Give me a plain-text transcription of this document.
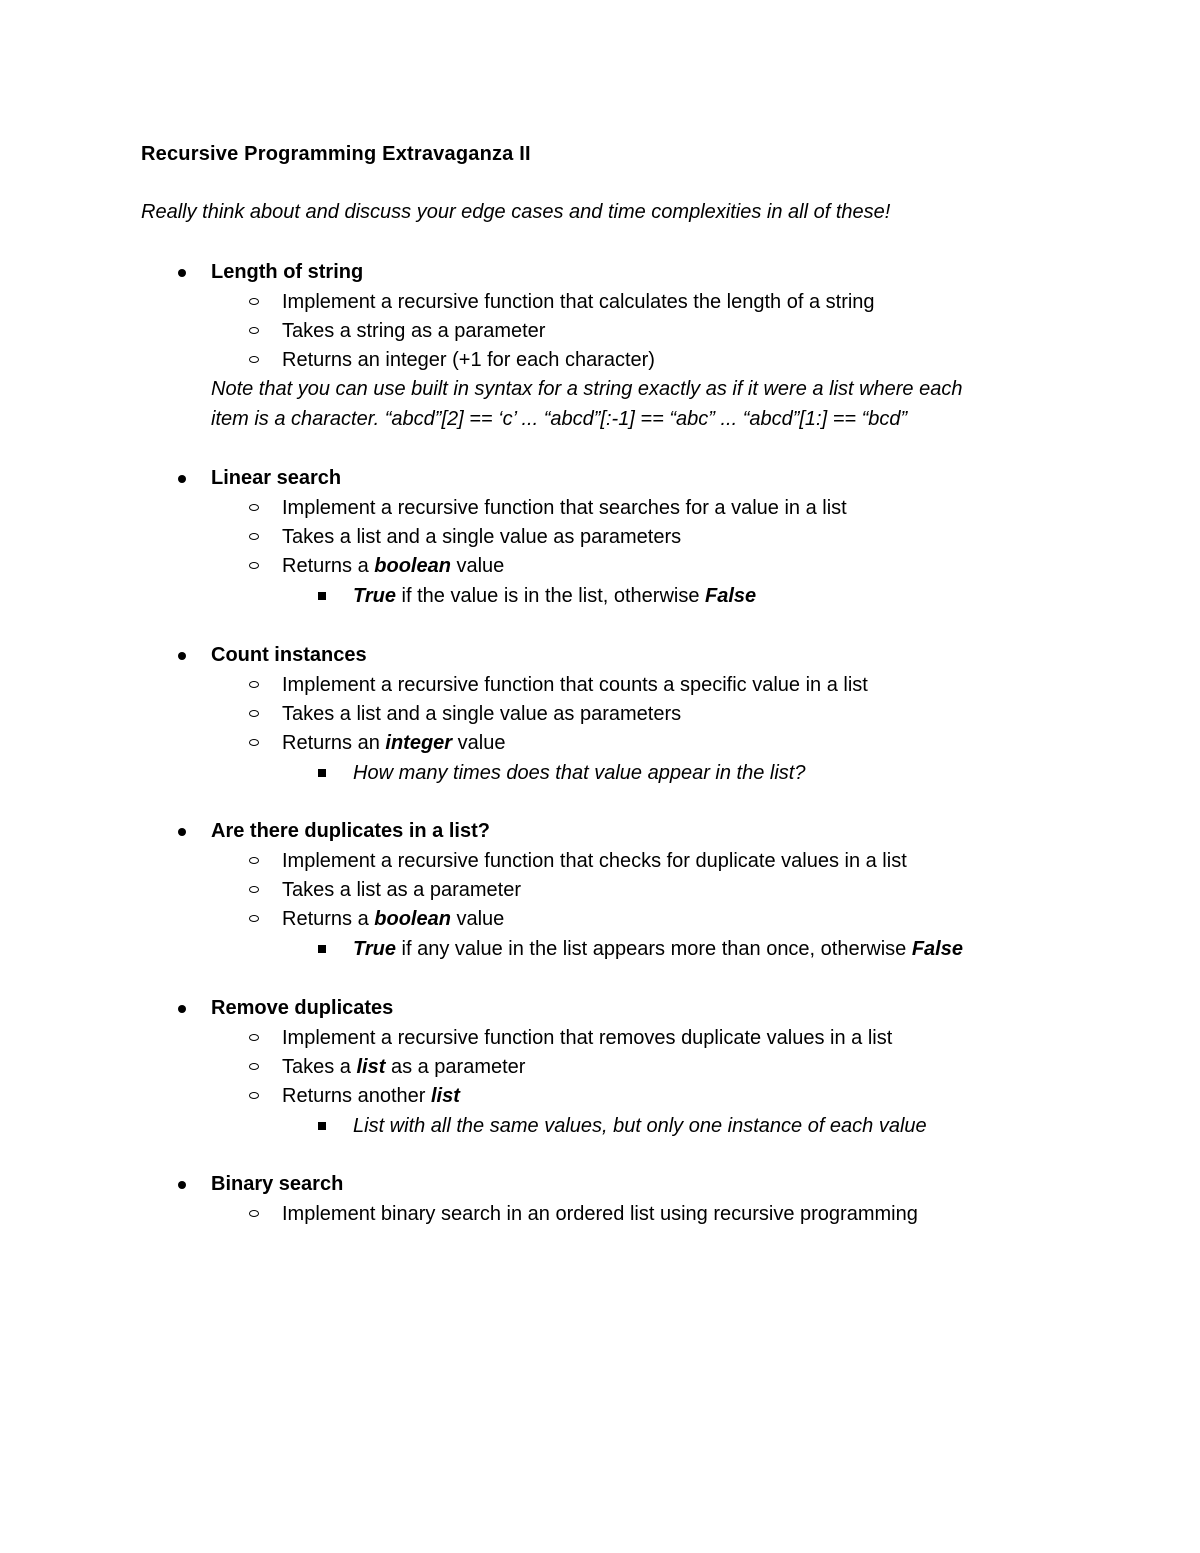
Recursive Programming Extravaganza II
Really think about and discuss your edge cases and time complexities in all of these!
Length of string
Implement a recursive function that calculates the length of a string
Takes a string as a parameter
Returns an integer (+1 for each character)
Note that you can use built in syntax for a string exactly as if it were a list where each
item is a character. “abcd”[2] == ‘c’ ... “abcd”[:-1] == “abc” ... “abcd”[1:] == “bcd”
Linear search
Implement a recursive function that searches for a value in a list
Takes a list and a single value as parameters
Returns a boolean value
True if the value is in the list, otherwise False
Count instances
Implement a recursive function that counts a specific value in a list
Takes a list and a single value as parameters
Returns an integer value
How many times does that value appear in the list?
Are there duplicates in a list?
Implement a recursive function that checks for duplicate values in a list
Takes a list as a parameter
Returns a boolean value
True if any value in the list appears more than once, otherwise False
Remove duplicates
Implement a recursive function that removes duplicate values in a list
Takes a list as a parameter
Returns another list
List with all the same values, but only one instance of each value
Binary search
Implement binary search in an ordered list using recursive programming
